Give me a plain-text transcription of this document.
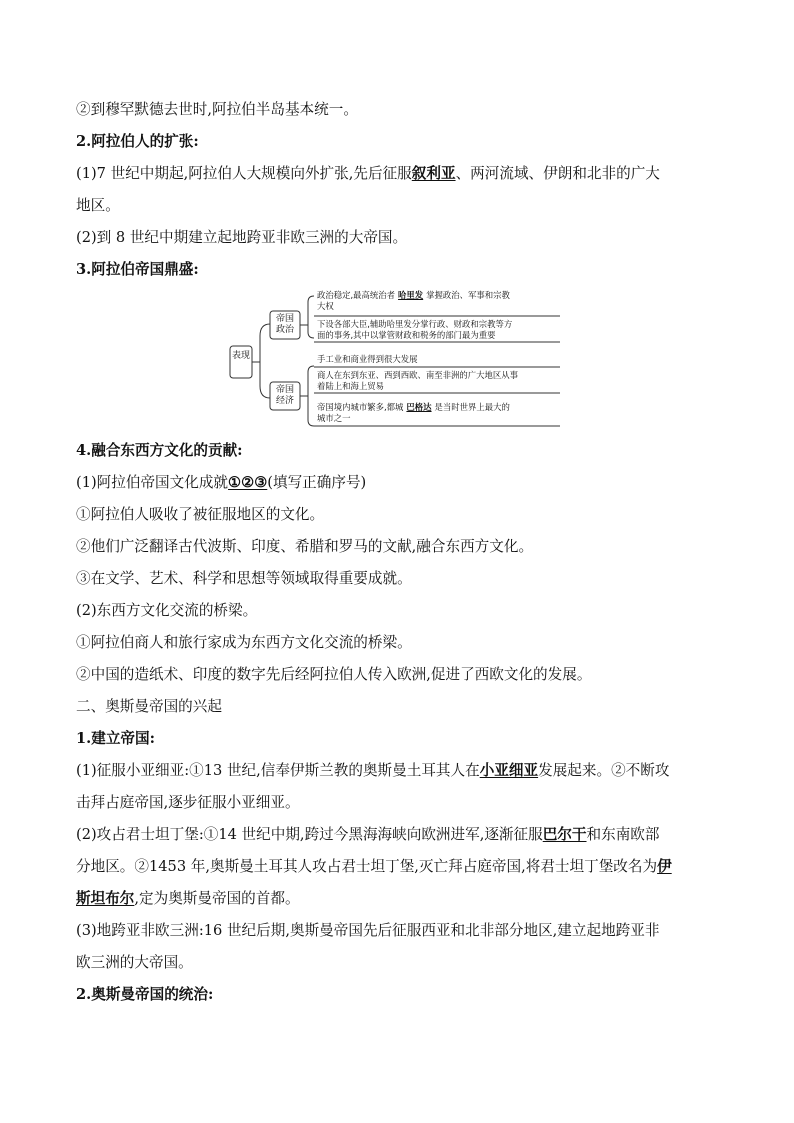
②到穆罕默德去世时,阿拉伯半岛基本统一。
2.阿拉伯人的扩张:
(1)7 世纪中期起,阿拉伯人大规模向外扩张,先后征服叙利亚、两河流域、伊朗和北非的广大
地区。
(2)到 8 世纪中期建立起地跨亚非欧三洲的大帝国。
3.阿拉伯帝国鼎盛:
表现
帝国政治
帝国经济
政治稳定,最高统治者 哈里发 掌握政治、军事和宗教
大权
下设各部大臣,辅助哈里发分掌行政、财政和宗教等方
面的事务,其中以掌管财政和税务的部门最为重要
手工业和商业得到很大发展
商人在东到东亚、西到西欧、南至非洲的广大地区从事
着陆上和海上贸易
帝国境内城市繁多,都城 巴格达 是当时世界上最大的
城市之一
4.融合东西方文化的贡献:
(1)阿拉伯帝国文化成就①②③(填写正确序号)
①阿拉伯人吸收了被征服地区的文化。
②他们广泛翻译古代波斯、印度、希腊和罗马的文献,融合东西方文化。
③在文学、艺术、科学和思想等领域取得重要成就。
(2)东西方文化交流的桥梁。
①阿拉伯商人和旅行家成为东西方文化交流的桥梁。
②中国的造纸术、印度的数字先后经阿拉伯人传入欧洲,促进了西欧文化的发展。
二、奥斯曼帝国的兴起
1.建立帝国:
(1)征服小亚细亚:①13 世纪,信奉伊斯兰教的奥斯曼土耳其人在小亚细亚发展起来。②不断攻
击拜占庭帝国,逐步征服小亚细亚。
(2)攻占君士坦丁堡:①14 世纪中期,跨过今黑海海峡向欧洲进军,逐渐征服巴尔干和东南欧部
分地区。②1453 年,奥斯曼土耳其人攻占君士坦丁堡,灭亡拜占庭帝国,将君士坦丁堡改名为伊
斯坦布尔,定为奥斯曼帝国的首都。
(3)地跨亚非欧三洲:16 世纪后期,奥斯曼帝国先后征服西亚和北非部分地区,建立起地跨亚非
欧三洲的大帝国。
2.奥斯曼帝国的统治:
